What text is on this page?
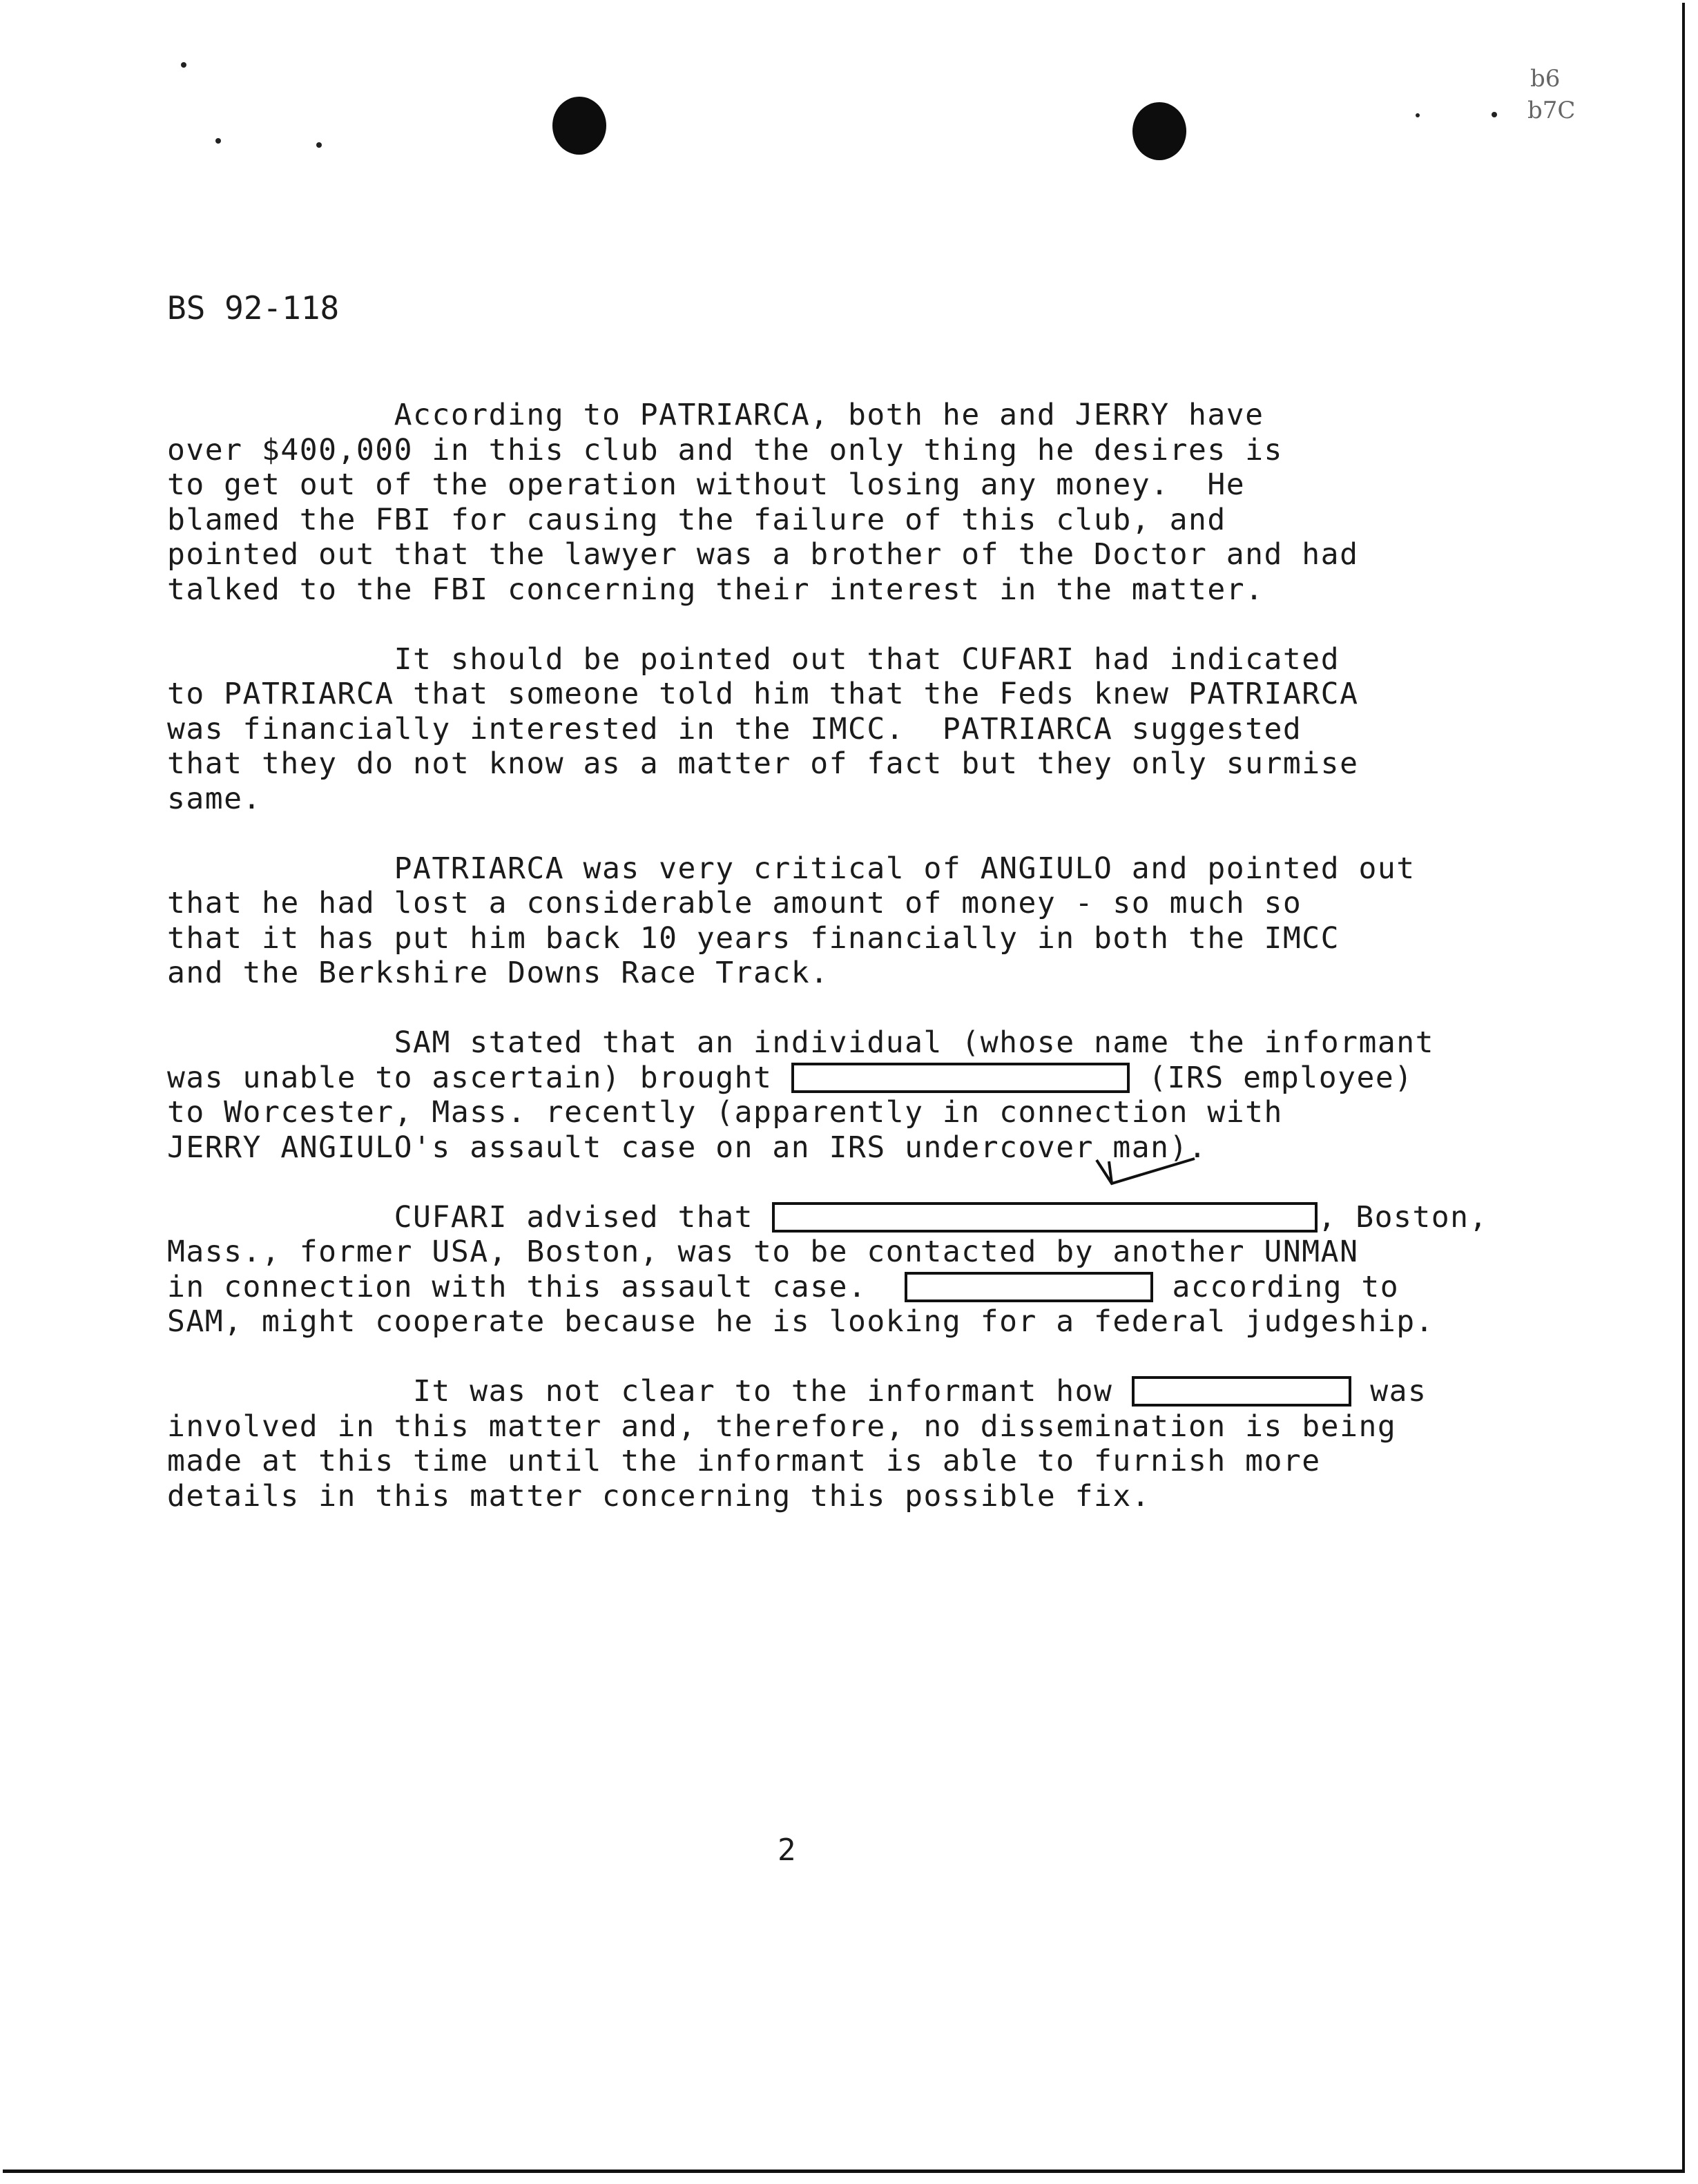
b6
b7C
BS 92-118

According to PATRIARCA, both he and JERRY have
over $400,000 in this club and the only thing he desires is
to get out of the operation without losing any money.  He
blamed the FBI for causing the failure of this club, and
pointed out that the lawyer was a brother of the Doctor and had
talked to the FBI concerning their interest in the matter.

It should be pointed out that CUFARI had indicated
to PATRIARCA that someone told him that the Feds knew PATRIARCA
was financially interested in the IMCC.  PATRIARCA suggested
that they do not know as a matter of fact but they only surmise
same.

PATRIARCA was very critical of ANGIULO and pointed out
that he had lost a considerable amount of money - so much so
that it has put him back 10 years financially in both the IMCC
and the Berkshire Downs Race Track.

SAM stated that an individual (whose name the informant
was unable to ascertain) brought	(IRS employee)
to Worcester, Mass. recently (apparently in connection with
JERRY ANGIULO's assault case on an IRS undercover man).

CUFARI advised that	, Boston,
Mass., former USA, Boston, was to be contacted by another UNMAN
in connection with this assault case.	according to
SAM, might cooperate because he is looking for a federal judgeship.

It was not clear to the informant how	was
involved in this matter and, therefore, no dissemination is being
made at this time until the informant is able to furnish more
details in this matter concerning this possible fix.

2
